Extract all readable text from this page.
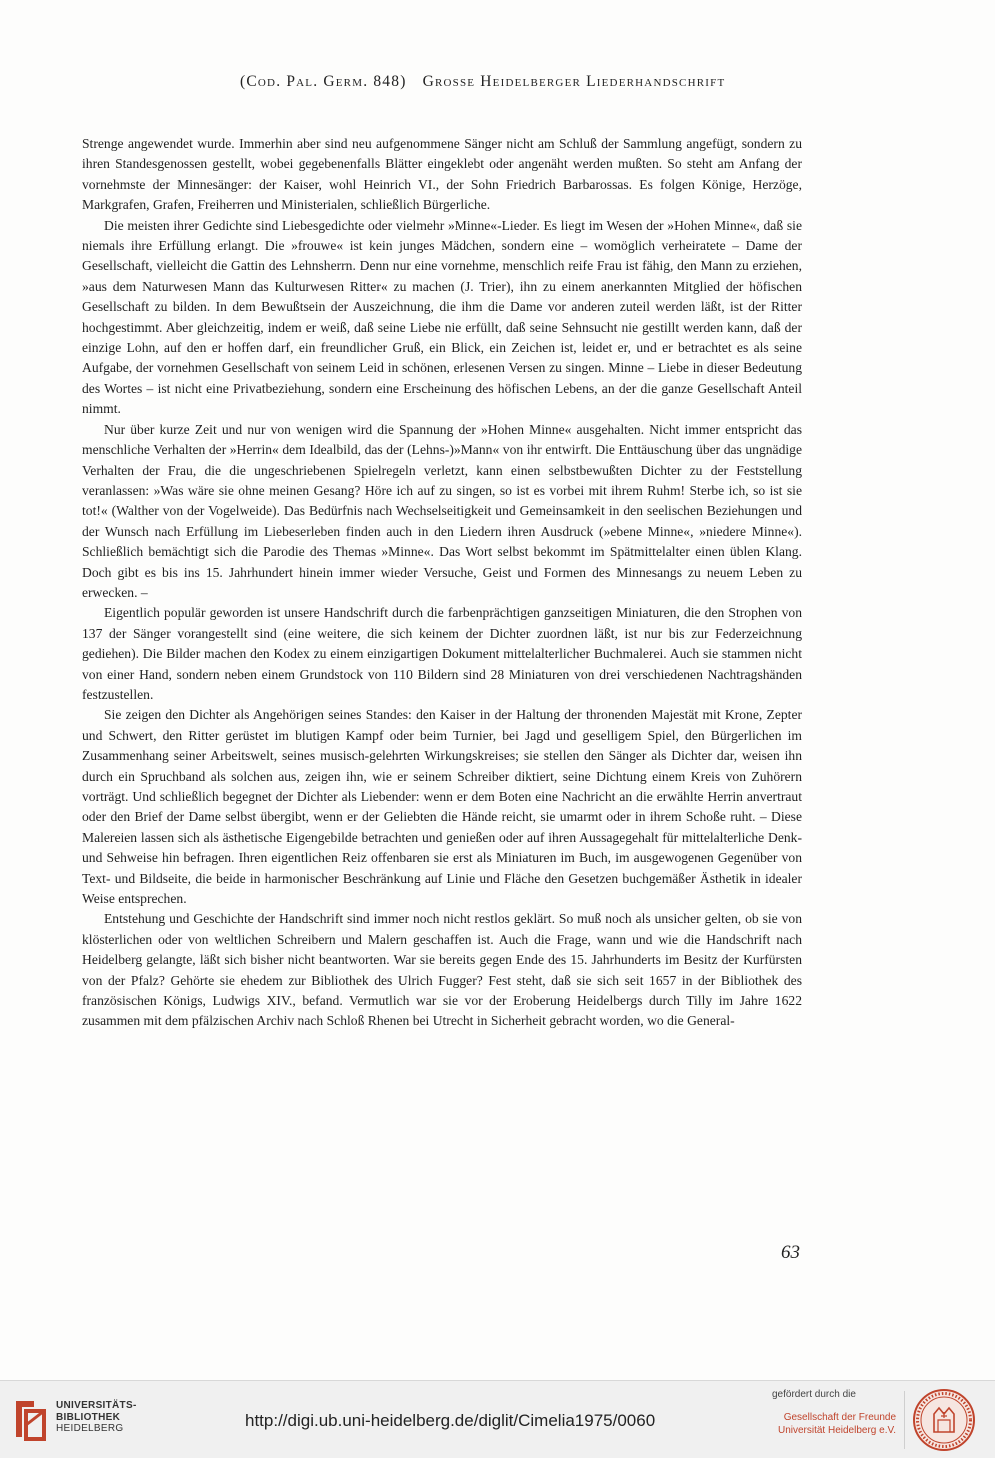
(Cod. Pal. Germ. 848) Grosse Heidelberger Liederhandschrift

Strenge angewendet wurde. Immerhin aber sind neu aufgenommene Sänger nicht am Schluß der Sammlung angefügt, sondern zu ihren Standesgenossen gestellt, wobei gegebenenfalls Blätter eingeklebt oder angenäht werden mußten. So steht am Anfang der vornehmste der Minnesänger: der Kaiser, wohl Heinrich VI., der Sohn Friedrich Barbarossas. Es folgen Könige, Herzöge, Markgrafen, Grafen, Freiherren und Ministerialen, schließlich Bürgerliche.

Die meisten ihrer Gedichte sind Liebesgedichte oder vielmehr »Minne«-Lieder. Es liegt im Wesen der »Hohen Minne«, daß sie niemals ihre Erfüllung erlangt. Die »frouwe« ist kein junges Mädchen, sondern eine – womöglich verheiratete – Dame der Gesellschaft, vielleicht die Gattin des Lehnsherrn. Denn nur eine vornehme, menschlich reife Frau ist fähig, den Mann zu erziehen, »aus dem Naturwesen Mann das Kulturwesen Ritter« zu machen (J. Trier), ihn zu einem anerkannten Mitglied der höfischen Gesellschaft zu bilden. In dem Bewußtsein der Auszeichnung, die ihm die Dame vor anderen zuteil werden läßt, ist der Ritter hochgestimmt. Aber gleichzeitig, indem er weiß, daß seine Liebe nie erfüllt, daß seine Sehnsucht nie gestillt werden kann, daß der einzige Lohn, auf den er hoffen darf, ein freundlicher Gruß, ein Blick, ein Zeichen ist, leidet er, und er betrachtet es als seine Aufgabe, der vornehmen Gesellschaft von seinem Leid in schönen, erlesenen Versen zu singen. Minne – Liebe in dieser Bedeutung des Wortes – ist nicht eine Privatbeziehung, sondern eine Erscheinung des höfischen Lebens, an der die ganze Gesellschaft Anteil nimmt.

Nur über kurze Zeit und nur von wenigen wird die Spannung der »Hohen Minne« ausgehalten. Nicht immer entspricht das menschliche Verhalten der »Herrin« dem Idealbild, das der (Lehns-)»Mann« von ihr entwirft. Die Enttäuschung über das ungnädige Verhalten der Frau, die die ungeschriebenen Spielregeln verletzt, kann einen selbstbewußten Dichter zu der Feststellung veranlassen: »Was wäre sie ohne meinen Gesang? Höre ich auf zu singen, so ist es vorbei mit ihrem Ruhm! Sterbe ich, so ist sie tot!« (Walther von der Vogelweide). Das Bedürfnis nach Wechselseitigkeit und Gemeinsamkeit in den seelischen Beziehungen und der Wunsch nach Erfüllung im Liebeserleben finden auch in den Liedern ihren Ausdruck (»ebene Minne«, »niedere Minne«). Schließlich bemächtigt sich die Parodie des Themas »Minne«. Das Wort selbst bekommt im Spätmittelalter einen üblen Klang. Doch gibt es bis ins 15. Jahrhundert hinein immer wieder Versuche, Geist und Formen des Minnesangs zu neuem Leben zu erwecken. –

Eigentlich populär geworden ist unsere Handschrift durch die farbenprächtigen ganzseitigen Miniaturen, die den Strophen von 137 der Sänger vorangestellt sind (eine weitere, die sich keinem der Dichter zuordnen läßt, ist nur bis zur Federzeichnung gediehen). Die Bilder machen den Kodex zu einem einzigartigen Dokument mittelalterlicher Buchmalerei. Auch sie stammen nicht von einer Hand, sondern neben einem Grundstock von 110 Bildern sind 28 Miniaturen von drei verschiedenen Nachtragshänden festzustellen.

Sie zeigen den Dichter als Angehörigen seines Standes: den Kaiser in der Haltung der thronenden Majestät mit Krone, Zepter und Schwert, den Ritter gerüstet im blutigen Kampf oder beim Turnier, bei Jagd und geselligem Spiel, den Bürgerlichen im Zusammenhang seiner Arbeitswelt, seines musisch-gelehrten Wirkungskreises; sie stellen den Sänger als Dichter dar, weisen ihn durch ein Spruchband als solchen aus, zeigen ihn, wie er seinem Schreiber diktiert, seine Dichtung einem Kreis von Zuhörern vorträgt. Und schließlich begegnet der Dichter als Liebender: wenn er dem Boten eine Nachricht an die erwählte Herrin anvertraut oder den Brief der Dame selbst übergibt, wenn er der Geliebten die Hände reicht, sie umarmt oder in ihrem Schoße ruht. – Diese Malereien lassen sich als ästhetische Eigengebilde betrachten und genießen oder auf ihren Aussagegehalt für mittelalterliche Denk- und Sehweise hin befragen. Ihren eigentlichen Reiz offenbaren sie erst als Miniaturen im Buch, im ausgewogenen Gegenüber von Text- und Bildseite, die beide in harmonischer Beschränkung auf Linie und Fläche den Gesetzen buchgemäßer Ästhetik in idealer Weise entsprechen.

Entstehung und Geschichte der Handschrift sind immer noch nicht restlos geklärt. So muß noch als unsicher gelten, ob sie von klösterlichen oder von weltlichen Schreibern und Malern geschaffen ist. Auch die Frage, wann und wie die Handschrift nach Heidelberg gelangte, läßt sich bisher nicht beantworten. War sie bereits gegen Ende des 15. Jahrhunderts im Besitz der Kurfürsten von der Pfalz? Gehörte sie ehedem zur Bibliothek des Ulrich Fugger? Fest steht, daß sie sich seit 1657 in der Bibliothek des französischen Königs, Ludwigs XIV., befand. Vermutlich war sie vor der Eroberung Heidelbergs durch Tilly im Jahre 1622 zusammen mit dem pfälzischen Archiv nach Schloß Rhenen bei Utrecht in Sicherheit gebracht worden, wo die General-

63
UNIVERSITÄTS-
BIBLIOTHEK
HEIDELBERG	http://digi.ub.uni-heidelberg.de/diglit/Cimelia1975/0060
gefördert durch die
Gesellschaft der Freunde
Universität Heidelberg e.V.
